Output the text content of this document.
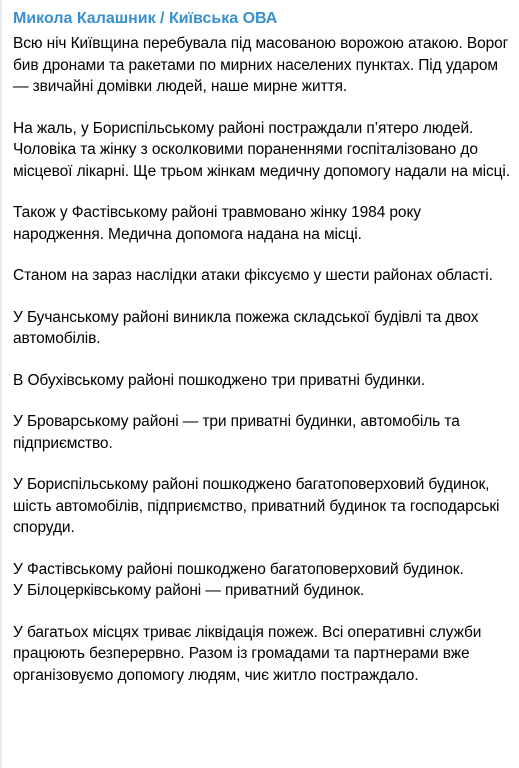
Микола Калашник / Київська ОВА

Всю ніч Київщина перебувала під масованою ворожою атакою. Ворог бив дронами та ракетами по мирних населених пунктах. Під ударом — звичайні домівки людей, наше мирне життя.

На жаль, у Бориспільському районі постраждали п’ятеро людей. Чоловіка та жінку з осколковими пораненнями госпіталізовано до місцевої лікарні. Ще трьом жінкам медичну допомогу надали на місці.

Також у Фастівському районі травмовано жінку 1984 року народження. Медична допомога надана на місці.

Станом на зараз наслідки атаки фіксуємо у шести районах області.

У Бучанському районі виникла пожежа складської будівлі та двох автомобілів.

В Обухівському районі пошкоджено три приватні будинки.

У Броварському районі — три приватні будинки, автомобіль та підприємство.

У Бориспільському районі пошкоджено багатоповерховий будинок, шість автомобілів, підприємство, приватний будинок та господарські споруди.

У Фастівському районі пошкоджено багатоповерховий будинок.

У Білоцерківському районі — приватний будинок.

У багатьох місцях триває ліквідація пожеж. Всі оперативні служби працюють безперервно. Разом із громадами та партнерами вже організовуємо допомогу людям, чиє житло постраждало.
